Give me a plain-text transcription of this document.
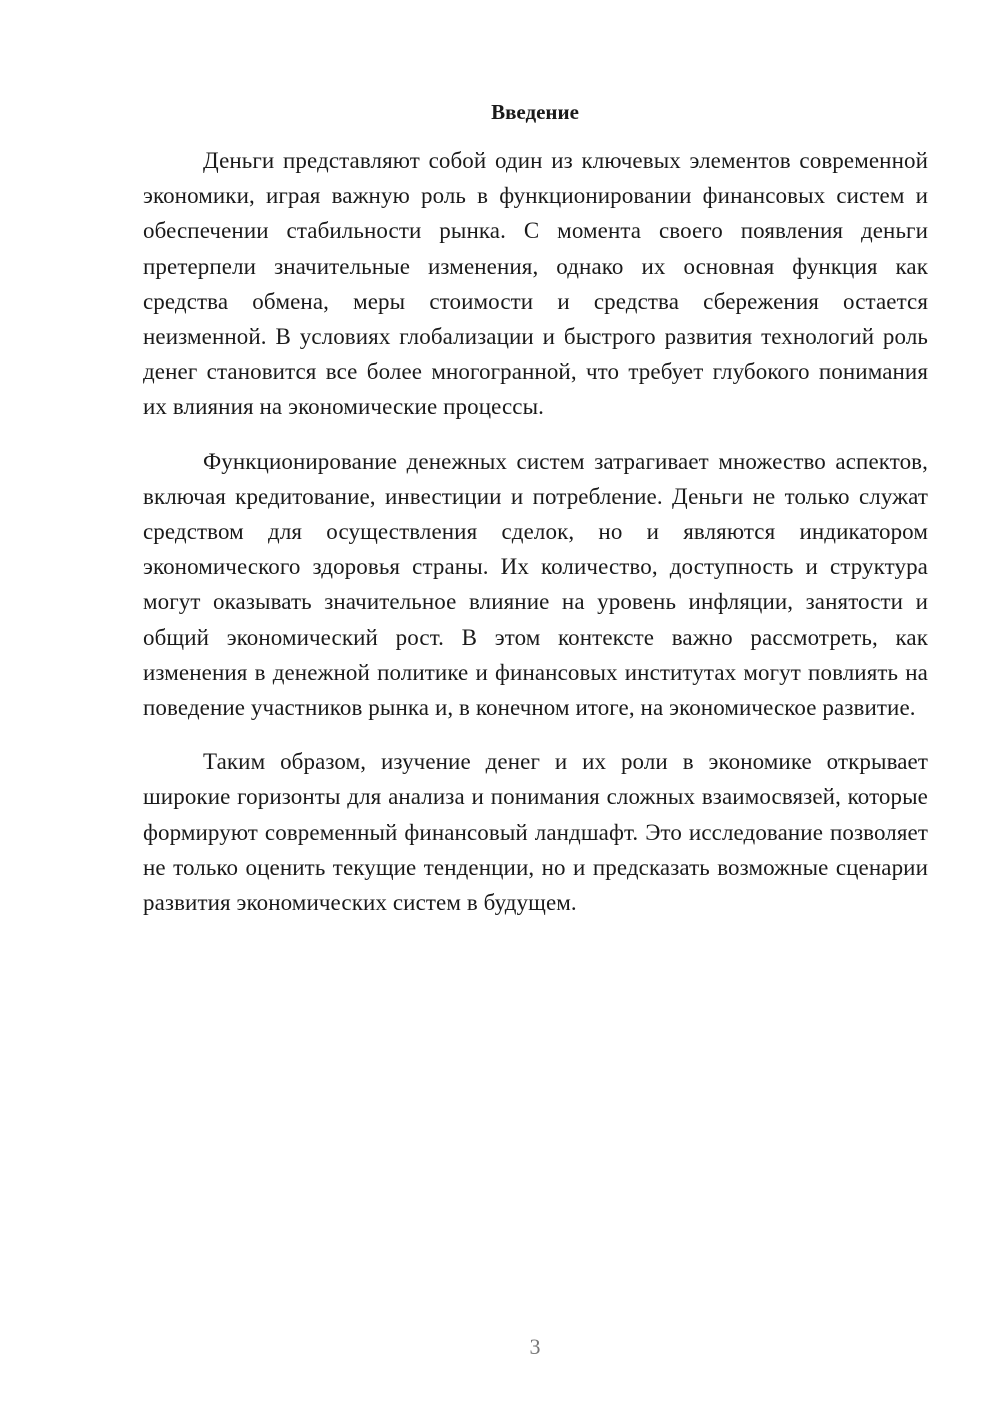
Введение

Деньги представляют собой один из ключевых элементов современной экономики, играя важную роль в функционировании финансовых систем и обеспечении стабильности рынка. С момента своего появления деньги претерпели значительные изменения, однако их основная функция как средства обмена, меры стоимости и средства сбережения остается неизменной. В условиях глобализации и быстрого развития технологий роль денег становится все более многогранной, что требует глубокого понимания их влияния на экономические процессы.

Функционирование денежных систем затрагивает множество аспектов, включая кредитование, инвестиции и потребление. Деньги не только служат средством для осуществления сделок, но и являются индикатором экономического здоровья страны. Их количество, доступность и структура могут оказывать значительное влияние на уровень инфляции, занятости и общий экономический рост. В этом контексте важно рассмотреть, как изменения в денежной политике и финансовых институтах могут повлиять на поведение участников рынка и, в конечном итоге, на экономическое развитие.

Таким образом, изучение денег и их роли в экономике открывает широкие горизонты для анализа и понимания сложных взаимосвязей, которые формируют современный финансовый ландшафт. Это исследование позволяет не только оценить текущие тенденции, но и предсказать возможные сценарии развития экономических систем в будущем.

3
